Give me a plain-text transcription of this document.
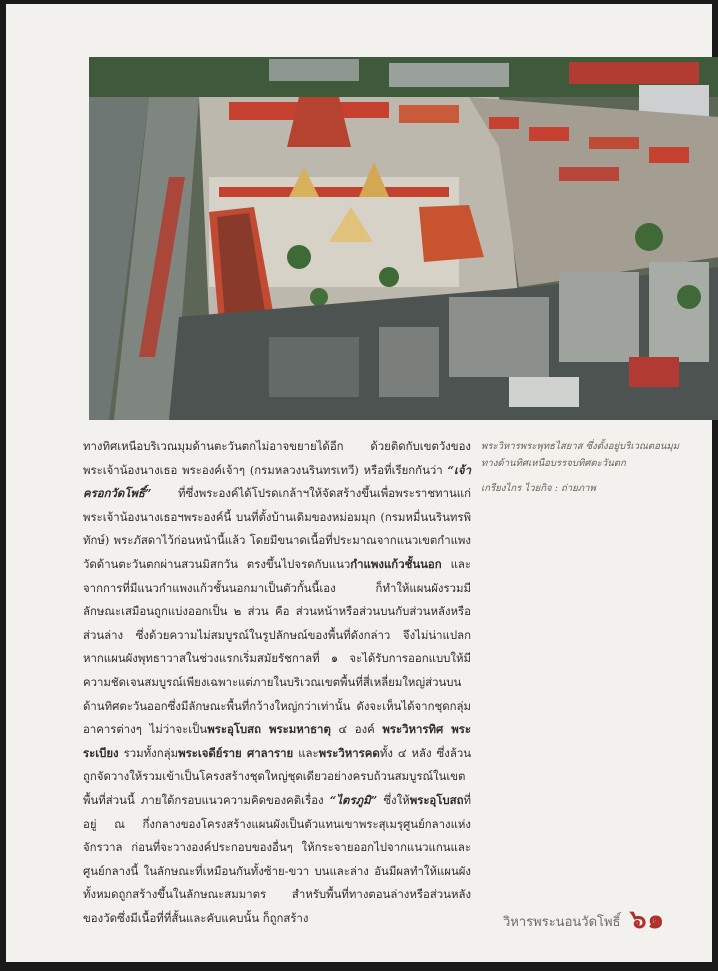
ทางทิศเหนือบริเวณมุมด้านตะวันตกไม่อาจขยายได้อีก ด้วยติดกับเขตวังของพระเจ้าน้องนางเธอ พระองค์เจ้าๆ (กรมหลวงนรินทรเทวี) หรือที่เรียกกันว่า “เจ้าครอกวัดโพธิ์” ที่ซึ่งพระองค์ได้โปรดเกล้าฯให้จัดสร้างขึ้นเพื่อพระราชทานแก่พระเจ้าน้องนางเธอฯพระองค์นี้ บนที่ตั้งบ้านเดิมของหม่อมมุก (กรมหมื่นนรินทรพิทักษ์) พระภัสดาไว้ก่อนหน้านี้แล้ว โดยมีขนาดเนื้อที่ประมาณจากแนวเขตกำแพงวัดด้านตะวันตกผ่านสวนมิสกวัน ตรงขึ้นไปจรดกับแนวกำแพงแก้วชั้นนอก และจากการที่มีแนวกำแพงแก้วชั้นนอกมาเป็นตัวกั้นนี้เอง ก็ทำให้แผนผังรวมมีลักษณะเสมือนถูกแบ่งออกเป็น ๒ ส่วน คือ ส่วนหน้าหรือส่วนบนกับส่วนหลังหรือส่วนล่าง ซึ่งด้วยความไม่สมบูรณ์ในรูปลักษณ์ของพื้นที่ดังกล่าว จึงไม่น่าแปลกหากแผนผังพุทธาวาสในช่วงแรกเริ่มสมัยรัชกาลที่ ๑ จะได้รับการออกแบบให้มีความชัดเจนสมบูรณ์เพียงเฉพาะแต่ภายในบริเวณเขตพื้นที่สี่เหลี่ยมใหญ่ส่วนบนด้านทิศตะวันออกซึ่งมีลักษณะพื้นที่กว้างใหญ่กว่าเท่านั้น ดังจะเห็นได้จากชุดกลุ่มอาคารต่างๆ ไม่ว่าจะเป็นพระอุโบสถ พระมหาธาตุ ๔ องค์ พระวิหารทิศ พระระเบียง รวมทั้งกลุ่มพระเจดีย์ราย ศาลาราย และพระวิหารคดทั้ง ๔ หลัง ซึ่งล้วนถูกจัดวางให้รวมเข้าเป็นโครงสร้างชุดใหญ่ชุดเดียวอย่างครบถ้วนสมบูรณ์ในเขตพื้นที่ส่วนนี้ ภายใต้กรอบแนวความคิดของคติเรื่อง “ไตรภูมิ” ซึ่งให้พระอุโบสถที่อยู่ ณ กึ่งกลางของโครงสร้างแผนผังเป็นตัวแทนเขาพระสุเมรุศูนย์กลางแห่งจักรวาล ก่อนที่จะวางองค์ประกอบของอื่นๆ ให้กระจายออกไปจากแนวแกนและศูนย์กลางนี้ ในลักษณะที่เหมือนกันทั้งซ้าย-ขวา บนและล่าง อันมีผลทำให้แผนผังทั้งหมดถูกสร้างขึ้นในลักษณะสมมาตร สำหรับพื้นที่ทางตอนล่างหรือส่วนหลังของวัดซึ่งมีเนื้อที่ที่สั้นและคับแคบนั้น ก็ถูกสร้าง

พระวิหารพระพุทธไสยาส ซึ่งตั้งอยู่บริเวณตอนมุมทางด้านทิศเหนือบรรจบทิศตะวันตก

เกรียงไกร ไวยกิจ : ถ่ายภาพ

วิหารพระนอนวัดโพธิ์ ๖๑
